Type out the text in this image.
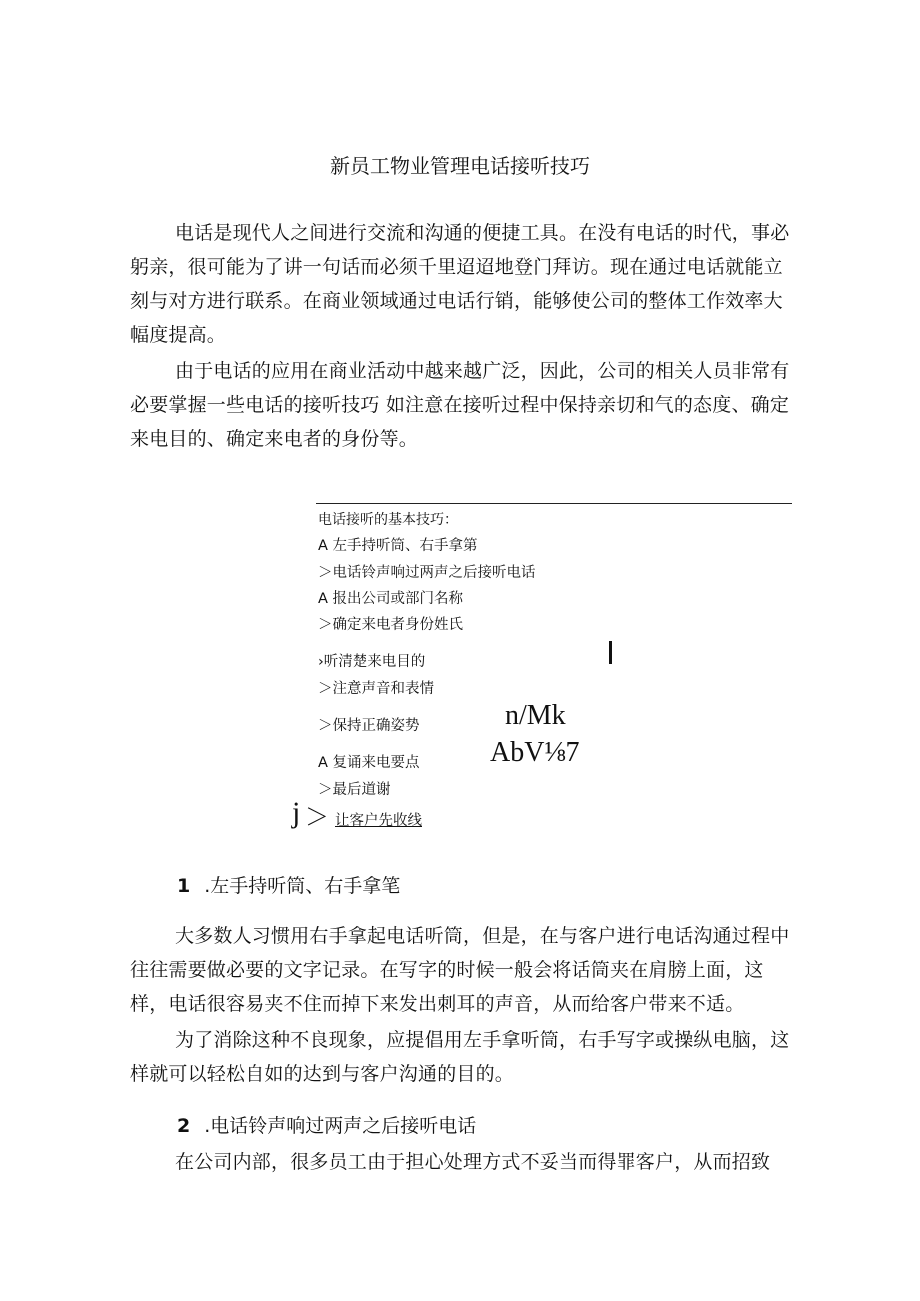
新员工物业管理电话接听技巧

电话是现代人之间进行交流和沟通的便捷工具。在没有电话的时代，事必躬亲，很可能为了讲一句话而必须千里迢迢地登门拜访。现在通过电话就能立刻与对方进行联系。在商业领域通过电话行销，能够使公司的整体工作效率大幅度提高。

由于电话的应用在商业活动中越来越广泛，因此，公司的相关人员非常有必要掌握一些电话的接听技巧 如注意在接听过程中保持亲切和气的态度、确定来电目的、确定来电者的身份等。

电话接听的基本技巧：
A 左手持听筒、右手拿第
＞电话铃声响过两声之后接听电话
A 报出公司或部门名称
＞确定来电者身份姓氏
›听清楚来电目的
＞注意声音和表情
＞保持正确姿势
A 复诵来电要点
＞最后道谢
让客户先收线
n/Mk
AbV⅛7
j ＞
1 .左手持听筒、右手拿笔

大多数人习惯用右手拿起电话听筒，但是，在与客户进行电话沟通过程中往往需要做必要的文字记录。在写字的时候一般会将话筒夹在肩膀上面，这样，电话很容易夹不住而掉下来发出刺耳的声音，从而给客户带来不适。

为了消除这种不良现象，应提倡用左手拿听筒，右手写字或操纵电脑，这样就可以轻松自如的达到与客户沟通的目的。

2 .电话铃声响过两声之后接听电话

在公司内部，很多员工由于担心处理方式不妥当而得罪客户，从而招致
